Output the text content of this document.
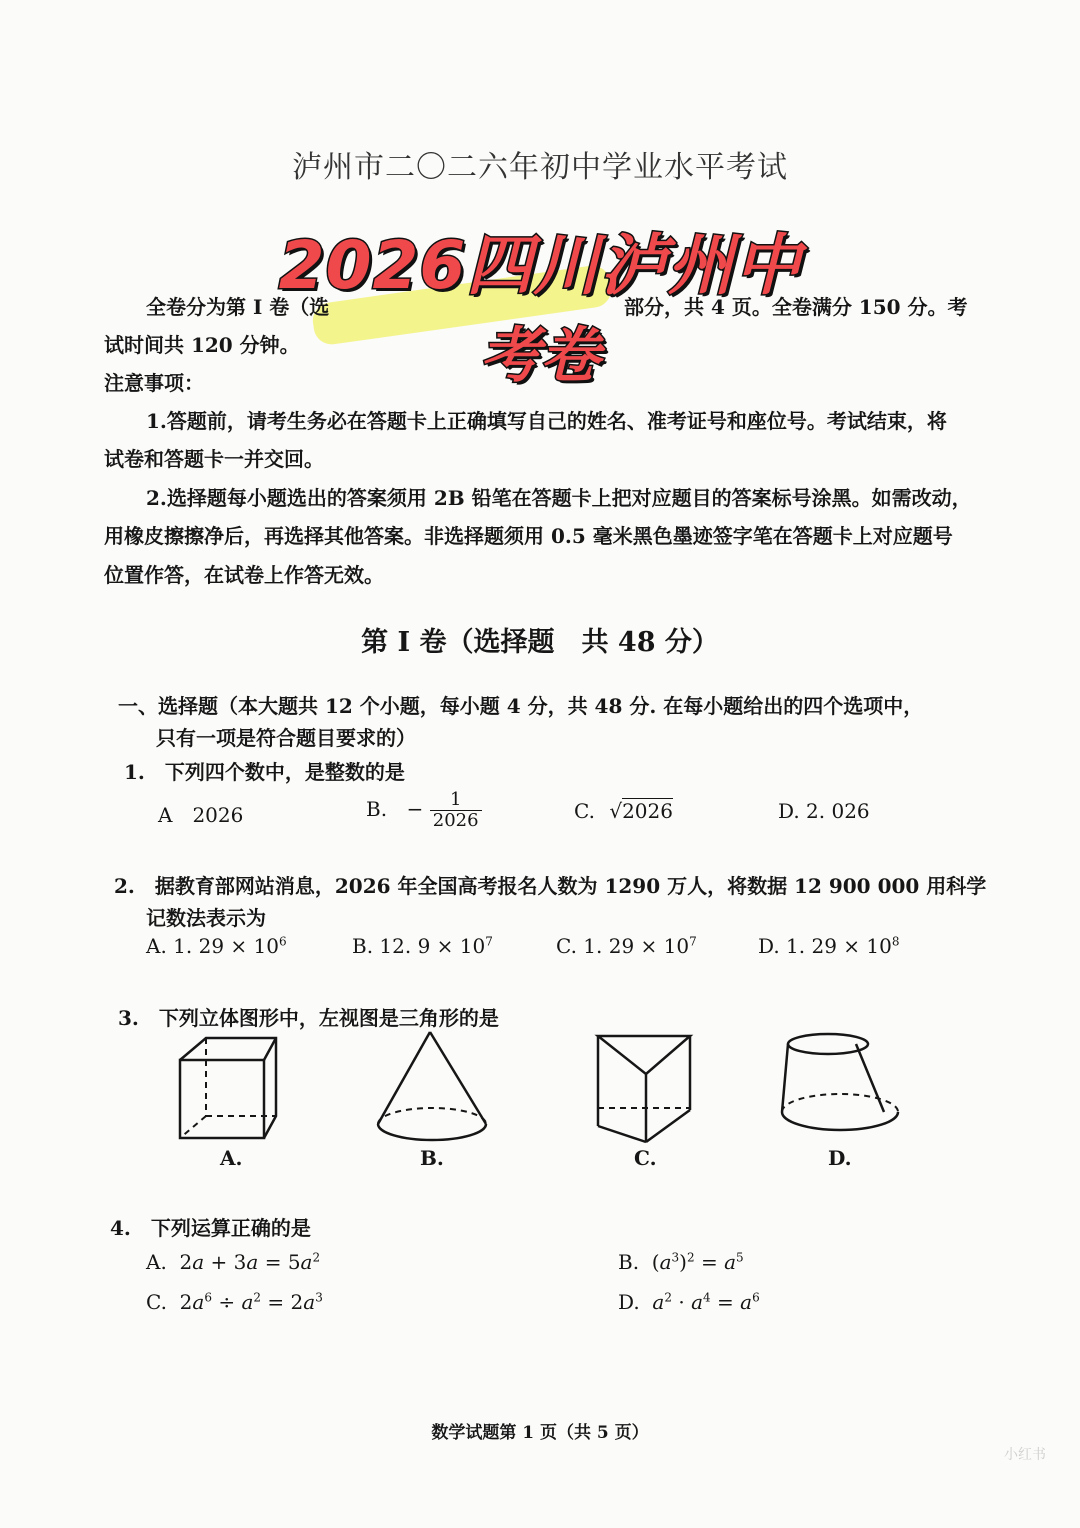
泸州市二〇二六年初中学业水平考试
2026四川泸州中
全卷分为第 I 卷（选	部分，共 4 页。全卷满分 150 分。考
试时间共 120 分钟。	考卷
注意事项：
1.答题前，请考生务必在答题卡上正确填写自己的姓名、准考证号和座位号。考试结束，将
试卷和答题卡一并交回。
2.选择题每小题选出的答案须用 2B 铅笔在答题卡上把对应题目的答案标号涂黑。如需改动，
用橡皮擦擦净后，再选择其他答案。非选择题须用 0.5 毫米黑色墨迹签字笔在答题卡上对应题号
位置作答，在试卷上作答无效。
第 I 卷（选择题　共 48 分）
一、选择题（本大题共 12 个小题，每小题 4 分，共 48 分. 在每小题给出的四个选项中，
只有一项是符合题目要求的）
1.　下列四个数中，是整数的是
A　2026	B. − $\frac{1}{2026}$	C. √2026	D. 2. 026
2.　据教育部网站消息，2026 年全国高考报名人数为 1290 万人，将数据 12 900 000 用科学
记数法表示为
A. 1. $29 \times 10^6$	B. 12. $9 \times 10^7$	C. 1. $29 \times 10^7$	D. 1. $29 \times 10^8$
3.　下列立体图形中，左视图是三角形的是
A.	B.	C.	D.
4.　下列运算正确的是
A.  $2a + 3a = 5a^2$	B.  $(a^3)^2 = a^5$
C.  $2a^6 \div a^2 = 2a^3$	D. $a^2 \cdot a^4 = a^6$
数学试题第 1 页（共 5 页）
小红书
